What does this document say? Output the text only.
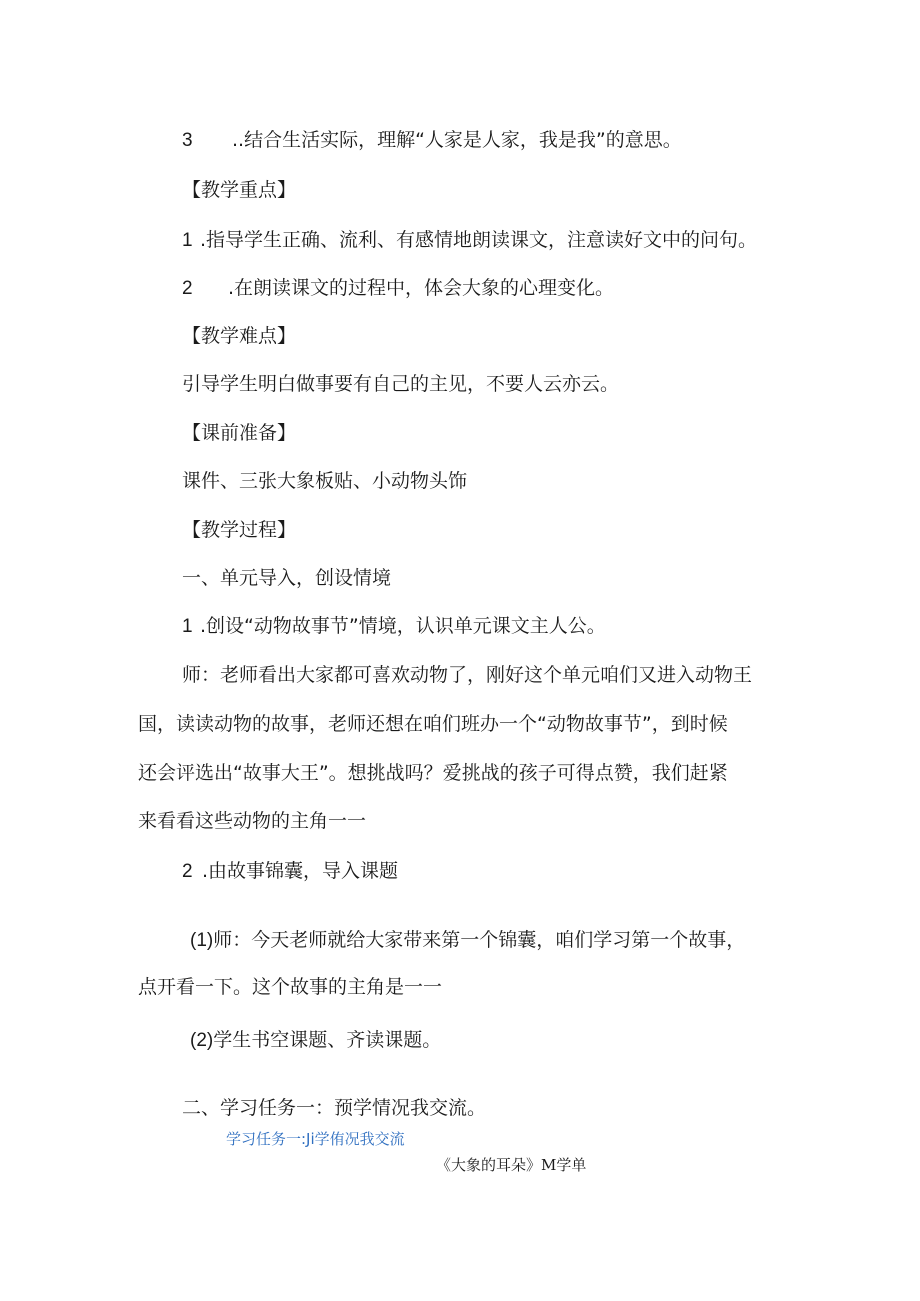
3 ..结合生活实际，理解“人家是人家，我是我”的意思。

【教学重点】

1 .指导学生正确、流利、有感情地朗读课文，注意读好文中的问句。

2 .在朗读课文的过程中，体会大象的心理变化。

【教学难点】

引导学生明白做事要有自己的主见，不要人云亦云。

【课前准备】

课件、三张大象板贴、小动物头饰

【教学过程】

一、单元导入，创设情境

1 .创设“动物故事节”情境，认识单元课文主人公。

师：老师看出大家都可喜欢动物了，刚好这个单元咱们又进入动物王

国，读读动物的故事，老师还想在咱们班办一个“动物故事节”，到时候

还会评选出“故事大王”。想挑战吗？爱挑战的孩子可得点赞，我们赶紧

来看看这些动物的主角一一

2 .由故事锦囊，导入课题

(1)师：今天老师就给大家带来第一个锦囊，咱们学习第一个故事，

点开看一下。这个故事的主角是一一

(2)学生书空课题、齐读课题。

二、学习任务一：预学情况我交流。

学习任务一:Ji学侑况我交流

《大象的耳朵》M学单
